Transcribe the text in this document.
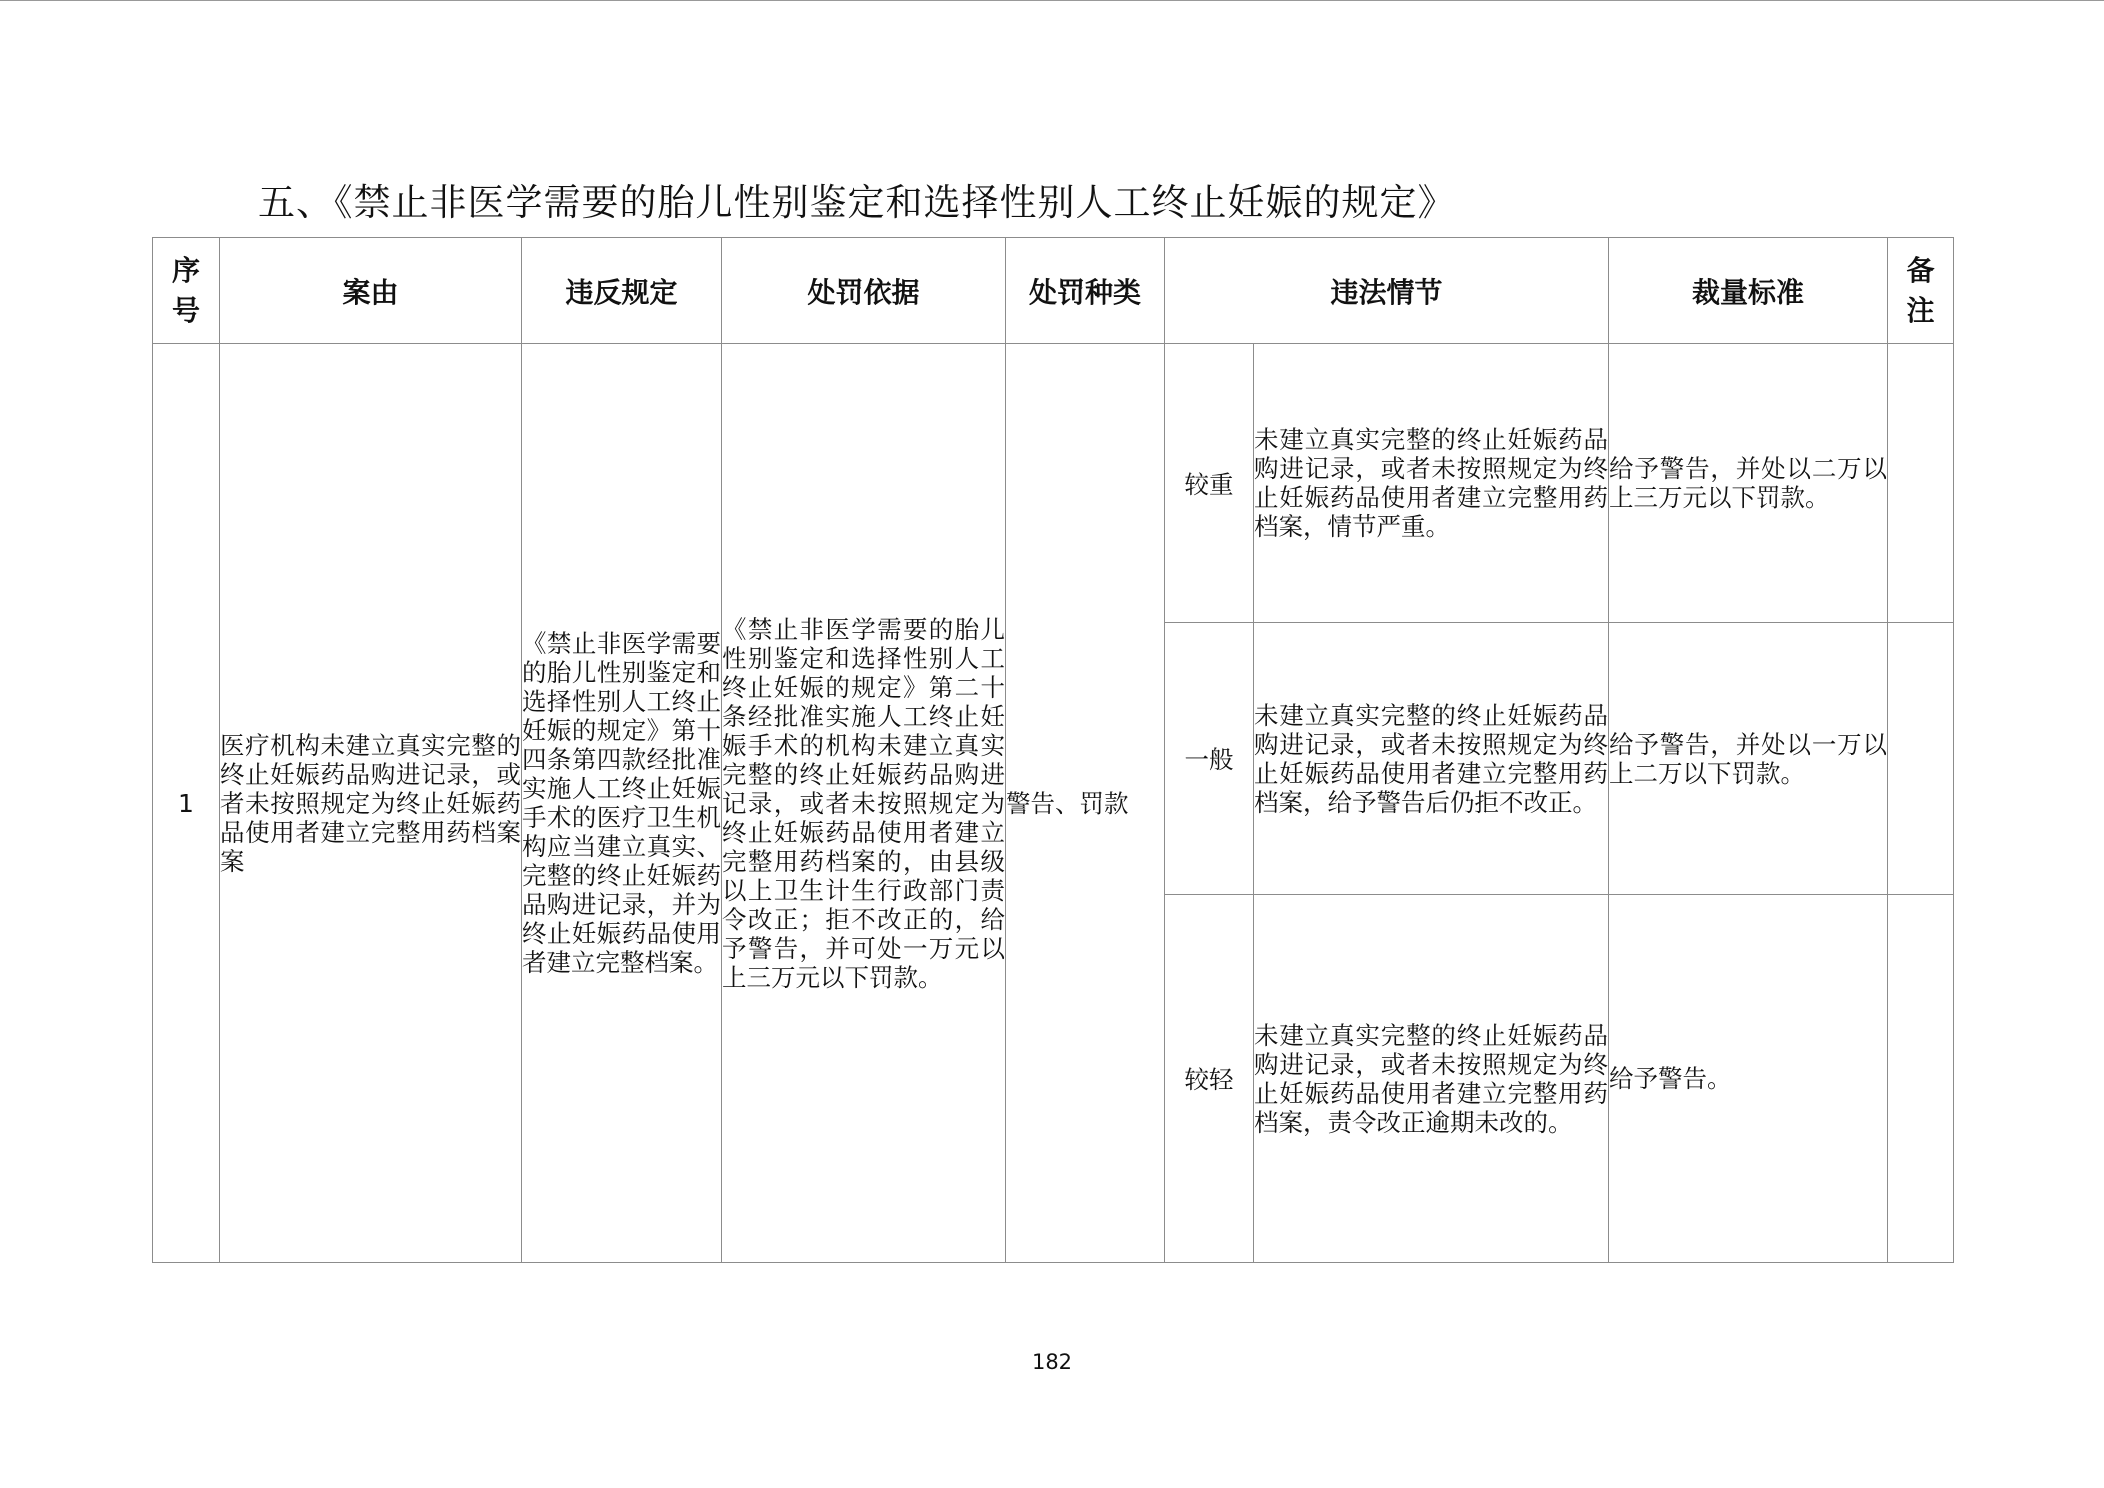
五、《禁止非医学需要的胎儿性别鉴定和选择性别人工终止妊娠的规定》
序号	案由	违反规定	处罚依据	处罚种类	违法情节		裁量标准	备注

1	医疗机构未建立真实完整的终止妊娠药品购进记录，或者未按照规定为终止妊娠药品使用者建立完整用药档案案	《禁止非医学需要的胎儿性别鉴定和选择性别人工终止妊娠的规定》第十四条第四款经批准实施人工终止妊娠手术的医疗卫生机构应当建立真实、完整的终止妊娠药品购进记录，并为终止妊娠药品使用者建立完整档案。	《禁止非医学需要的胎儿性别鉴定和选择性别人工终止妊娠的规定》第二十条经批准实施人工终止妊娠手术的机构未建立真实完整的终止妊娠药品购进记录，或者未按照规定为终止妊娠药品使用者建立完整用药档案的，由县级以上卫生计生行政部门责令改正；拒不改正的，给予警告，并可处一万元以上三万元以下罚款。	警告、罚款	较重	未建立真实完整的终止妊娠药品购进记录，或者未按照规定为终止妊娠药品使用者建立完整用药档案，情节严重。	给予警告，并处以二万以上三万元以下罚款。	
					一般	未建立真实完整的终止妊娠药品购进记录，或者未按照规定为终止妊娠药品使用者建立完整用药档案，给予警告后仍拒不改正。	给予警告，并处以一万以上二万以下罚款。	
					较轻	未建立真实完整的终止妊娠药品购进记录，或者未按照规定为终止妊娠药品使用者建立完整用药档案，责令改正逾期未改的。	给予警告。	
182
